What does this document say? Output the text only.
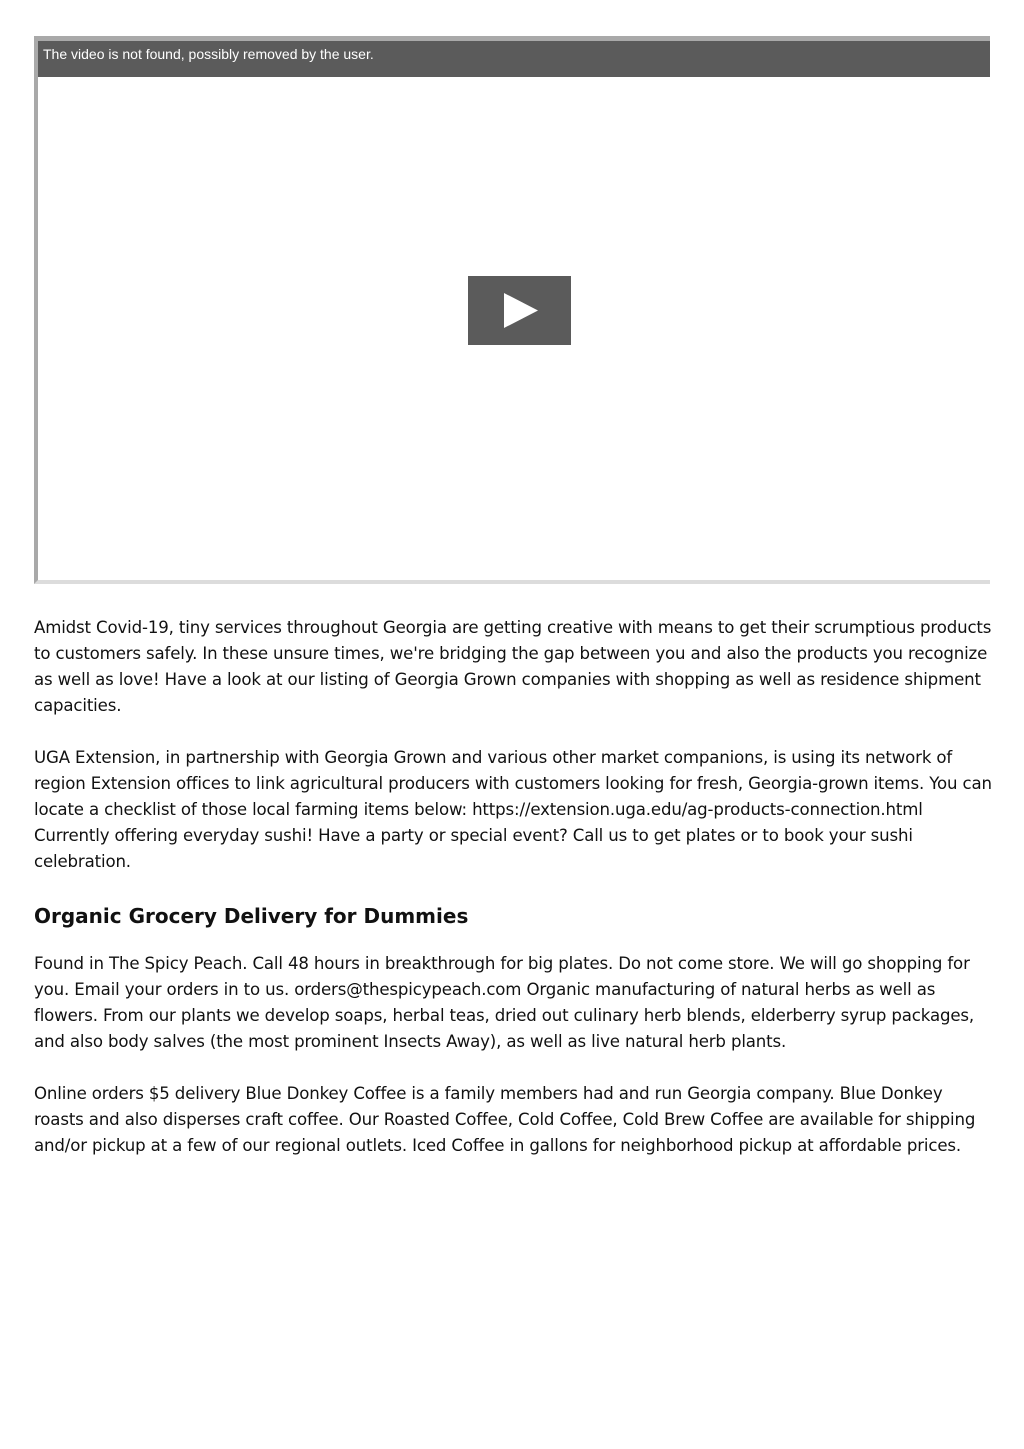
The video is not found, possibly removed by the user.

Amidst Covid-19, tiny services throughout Georgia are getting creative with means to get their scrumptious products to customers safely. In these unsure times, we're bridging the gap between you and also the products you recognize as well as love! Have a look at our listing of Georgia Grown companies with shopping as well as residence shipment capacities.

UGA Extension, in partnership with Georgia Grown and various other market companions, is using its network of region Extension offices to link agricultural producers with customers looking for fresh, Georgia-grown items. You can locate a checklist of those local farming items below: https://extension.uga.edu/ag-products-connection.html Currently offering everyday sushi! Have a party or special event? Call us to get plates or to book your sushi celebration.

Organic Grocery Delivery for Dummies

Found in The Spicy Peach. Call 48 hours in breakthrough for big plates. Do not come store. We will go shopping for you. Email your orders in to us. orders@thespicypeach.com Organic manufacturing of natural herbs as well as flowers. From our plants we develop soaps, herbal teas, dried out culinary herb blends, elderberry syrup packages, and also body salves (the most prominent Insects Away), as well as live natural herb plants.

Online orders $5 delivery Blue Donkey Coffee is a family members had and run Georgia company. Blue Donkey roasts and also disperses craft coffee. Our Roasted Coffee, Cold Coffee, Cold Brew Coffee are available for shipping and/or pickup at a few of our regional outlets. Iced Coffee in gallons for neighborhood pickup at affordable prices.
